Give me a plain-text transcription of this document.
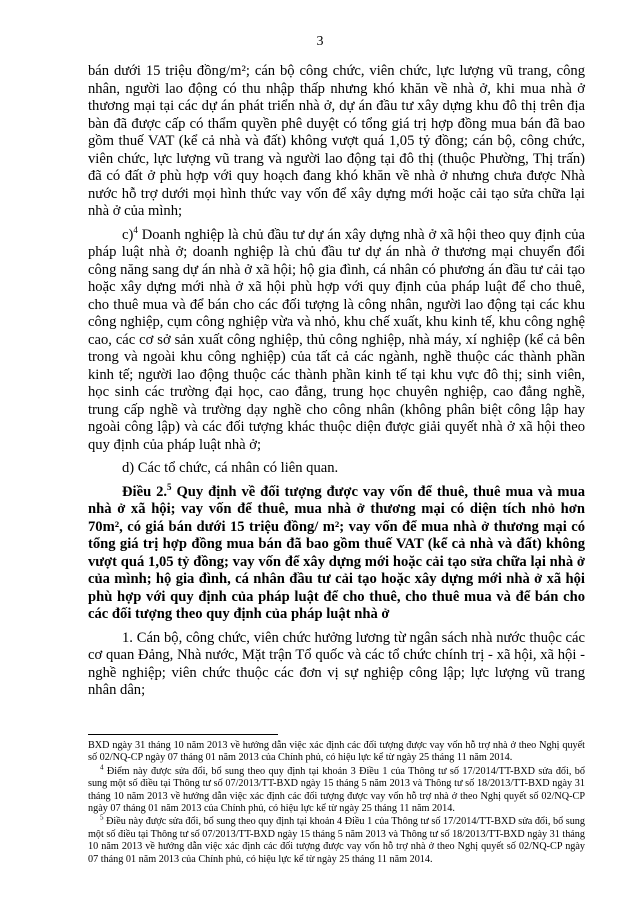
3

bán dưới 15 triệu đồng/m²; cán bộ công chức, viên chức, lực lượng vũ trang, công nhân, người lao động có thu nhập thấp nhưng khó khăn về nhà ở, khi mua nhà ở thương mại tại các dự án phát triển nhà ở, dự án đầu tư xây dựng khu đô thị trên địa bàn đã được cấp có thẩm quyền phê duyệt có tổng giá trị hợp đồng mua bán đã bao gồm thuế VAT (kể cả nhà và đất) không vượt quá 1,05 tỷ đồng; cán bộ, công chức, viên chức, lực lượng vũ trang và người lao động tại đô thị (thuộc Phường, Thị trấn) đã có đất ở phù hợp với quy hoạch đang khó khăn về nhà ở nhưng chưa được Nhà nước hỗ trợ dưới mọi hình thức vay vốn để xây dựng mới hoặc cải tạo sửa chữa lại nhà ở của mình;

c)$^4$ Doanh nghiệp là chủ đầu tư dự án xây dựng nhà ở xã hội theo quy định của pháp luật nhà ở; doanh nghiệp là chủ đầu tư dự án nhà ở thương mại chuyển đổi công năng sang dự án nhà ở xã hội; hộ gia đình, cá nhân có phương án đầu tư cải tạo hoặc xây dựng mới nhà ở xã hội phù hợp với quy định của pháp luật để cho thuê, cho thuê mua và để bán cho các đối tượng là công nhân, người lao động tại các khu công nghiệp, cụm công nghiệp vừa và nhỏ, khu chế xuất, khu kinh tế, khu công nghệ cao, các cơ sở sản xuất công nghiệp, thủ công nghiệp, nhà máy, xí nghiệp (kể cả bên trong và ngoài khu công nghiệp) của tất cả các ngành, nghề thuộc các thành phần kinh tế; người lao động thuộc các thành phần kinh tế tại khu vực đô thị; sinh viên, học sinh các trường đại học, cao đẳng, trung học chuyên nghiệp, cao đẳng nghề, trung cấp nghề và trường dạy nghề cho công nhân (không phân biệt công lập hay ngoài công lập) và các đối tượng khác thuộc diện được giải quyết nhà ở xã hội theo quy định của pháp luật nhà ở;

d) Các tổ chức, cá nhân có liên quan.

Điều 2.$^5$ Quy định về đối tượng được vay vốn để thuê, thuê mua và mua nhà ở xã hội; vay vốn để thuê, mua nhà ở thương mại có diện tích nhỏ hơn 70m², có giá bán dưới 15 triệu đồng/ m²; vay vốn để mua nhà ở thương mại có tổng giá trị hợp đồng mua bán đã bao gồm thuế VAT (kể cả nhà và đất) không vượt quá 1,05 tỷ đồng; vay vốn để xây dựng mới hoặc cải tạo sửa chữa lại nhà ở của mình; hộ gia đình, cá nhân đầu tư cải tạo hoặc xây dựng mới nhà ở xã hội phù hợp với quy định của pháp luật để cho thuê, cho thuê mua và để bán cho các đối tượng theo quy định của pháp luật nhà ở

1. Cán bộ, công chức, viên chức hưởng lương từ ngân sách nhà nước thuộc các cơ quan Đảng, Nhà nước, Mặt trận Tổ quốc và các tổ chức chính trị - xã hội, xã hội - nghề nghiệp; viên chức thuộc các đơn vị sự nghiệp công lập; lực lượng vũ trang nhân dân;

BXD ngày 31 tháng 10 năm 2013 về hướng dẫn việc xác định các đối tượng được vay vốn hỗ trợ nhà ở theo Nghị quyết số 02/NQ-CP ngày 07 tháng 01 năm 2013 của Chính phủ, có hiệu lực kể từ ngày 25 tháng 11 năm 2014.

$^4$ Điểm này được sửa đổi, bổ sung theo quy định tại khoản 3 Điều 1 của Thông tư số 17/2014/TT-BXD sửa đổi, bổ sung một số điều tại Thông tư số 07/2013/TT-BXD ngày 15 tháng 5 năm 2013 và Thông tư số 18/2013/TT-BXD ngày 31 tháng 10 năm 2013 về hướng dẫn việc xác định các đối tượng được vay vốn hỗ trợ nhà ở theo Nghị quyết số 02/NQ-CP ngày 07 tháng 01 năm 2013 của Chính phủ, có hiệu lực kể từ ngày 25 tháng 11 năm 2014.

$^5$ Điều này được sửa đổi, bổ sung theo quy định tại khoản 4 Điều 1 của Thông tư số 17/2014/TT-BXD sửa đổi, bổ sung một số điều tại Thông tư số 07/2013/TT-BXD ngày 15 tháng 5 năm 2013 và Thông tư số 18/2013/TT-BXD ngày 31 tháng 10 năm 2013 về hướng dẫn việc xác định các đối tượng được vay vốn hỗ trợ nhà ở theo Nghị quyết số 02/NQ-CP ngày 07 tháng 01 năm 2013 của Chính phủ, có hiệu lực kể từ ngày 25 tháng 11 năm 2014.
